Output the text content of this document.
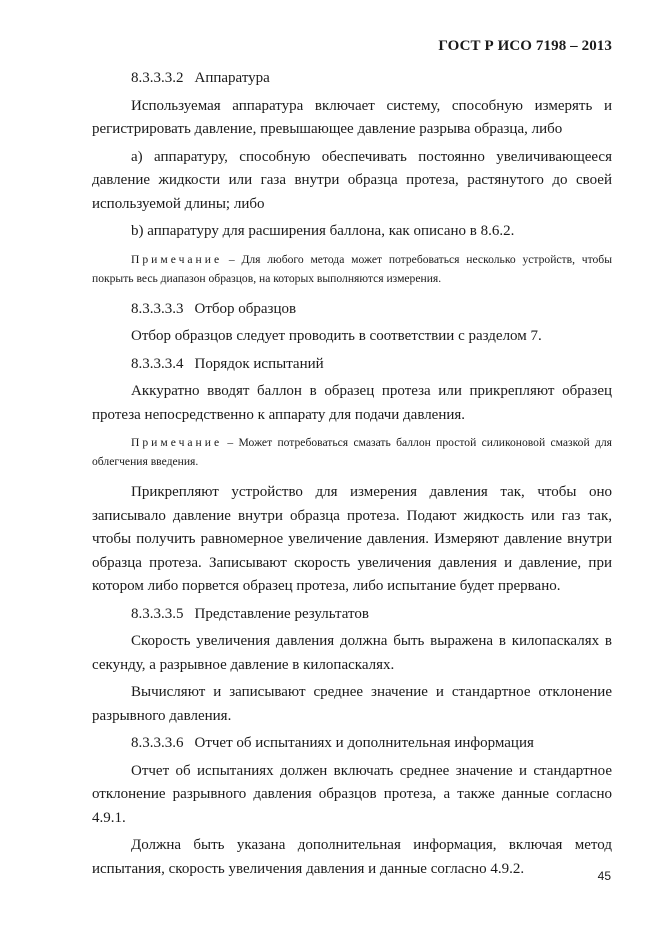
ГОСТ Р ИСО 7198 – 2013
8.3.3.3.2 Аппаратура

Используемая аппаратура включает систему, способную измерять и регистрировать давление, превышающее давление разрыва образца, либо

a) аппаратуру, способную обеспечивать постоянно увеличивающееся давление жидкости или газа внутри образца протеза, растянутого до своей используемой длины; либо

b) аппаратуру для расширения баллона, как описано в 8.6.2.

Примечание – Для любого метода может потребоваться несколько устройств, чтобы покрыть весь диапазон образцов, на которых выполняются измерения.

8.3.3.3.3 Отбор образцов

Отбор образцов следует проводить в соответствии с разделом 7.

8.3.3.3.4 Порядок испытаний

Аккуратно вводят баллон в образец протеза или прикрепляют образец протеза непосредственно к аппарату для подачи давления.

Примечание – Может потребоваться смазать баллон простой силиконовой смазкой для облегчения введения.

Прикрепляют устройство для измерения давления так, чтобы оно записывало давление внутри образца протеза. Подают жидкость или газ так, чтобы получить равномерное увеличение давления. Измеряют давление внутри образца протеза. Записывают скорость увеличения давления и давление, при котором либо порвется образец протеза, либо испытание будет прервано.

8.3.3.3.5 Представление результатов

Скорость увеличения давления должна быть выражена в килопаскалях в секунду, а разрывное давление в килопаскалях.

Вычисляют и записывают среднее значение и стандартное отклонение разрывного давления.

8.3.3.3.6 Отчет об испытаниях и дополнительная информация

Отчет об испытаниях должен включать среднее значение и стандартное отклонение разрывного давления образцов протеза, а также данные согласно 4.9.1.

Должна быть указана дополнительная информация, включая метод испытания, скорость увеличения давления и данные согласно 4.9.2.	45
